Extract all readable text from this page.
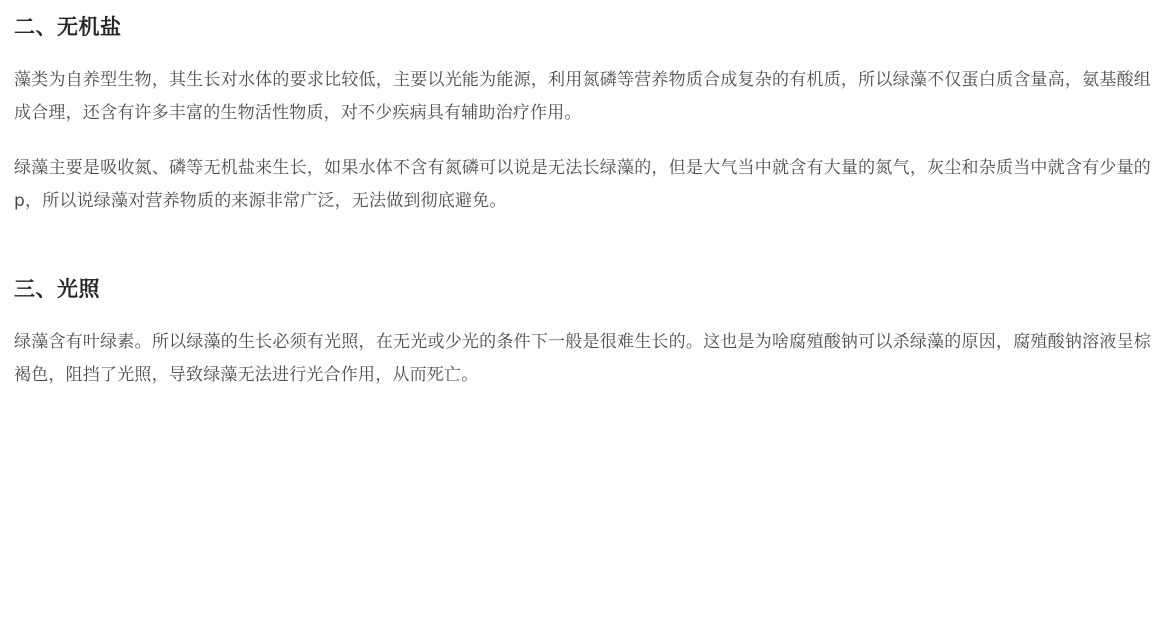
二、无机盐

藻类为自养型生物，其生长对水体的要求比较低，主要以光能为能源，利用氮磷等营养物质合成复杂的有机质，所以绿藻不仅蛋白质含量高，氨基酸组成合理，还含有许多丰富的生物活性物质，对不少疾病具有辅助治疗作用。

绿藻主要是吸收氮、磷等无机盐来生长，如果水体不含有氮磷可以说是无法长绿藻的，但是大气当中就含有大量的氮气，灰尘和杂质当中就含有少量的p，所以说绿藻对营养物质的来源非常广泛，无法做到彻底避免。

三、光照

绿藻含有叶绿素。所以绿藻的生长必须有光照，在无光或少光的条件下一般是很难生长的。这也是为啥腐殖酸钠可以杀绿藻的原因，腐殖酸钠溶液呈棕褐色，阻挡了光照，导致绿藻无法进行光合作用，从而死亡。
